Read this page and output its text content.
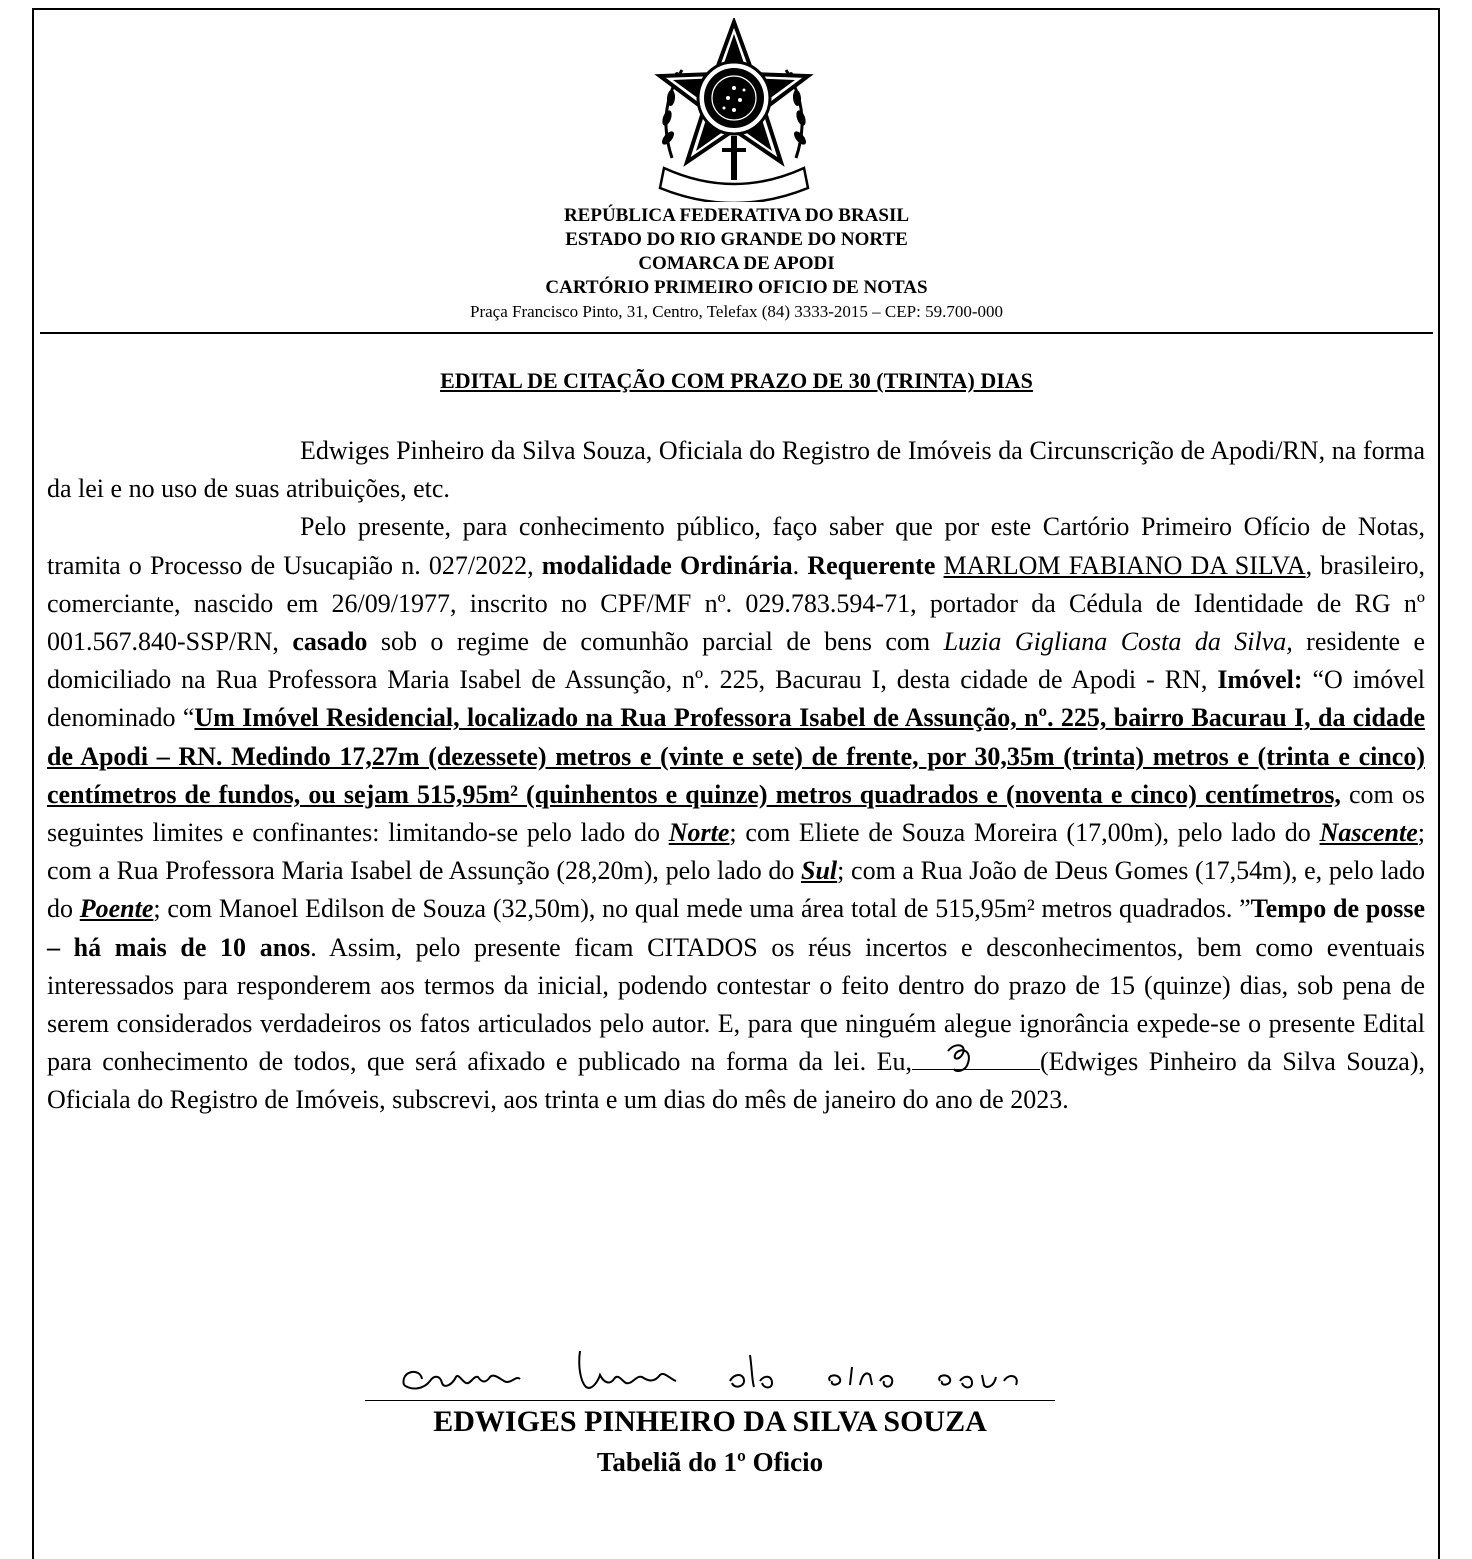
REPÚBLICA FEDERATIVA DO BRASIL
ESTADO DO RIO GRANDE DO NORTE
COMARCA DE APODI
CARTÓRIO PRIMEIRO OFICIO DE NOTAS
Praça Francisco Pinto, 31, Centro, Telefax (84) 3333-2015 – CEP: 59.700-000
EDITAL DE CITAÇÃO COM PRAZO DE 30 (TRINTA) DIAS

Edwiges Pinheiro da Silva Souza, Oficiala do Registro de Imóveis da Circunscrição de Apodi/RN, na forma da lei e no uso de suas atribuições, etc.

Pelo presente, para conhecimento público, faço saber que por este Cartório Primeiro Ofício de Notas, tramita o Processo de Usucapião n. 027/2022, modalidade Ordinária. Requerente MARLOM FABIANO DA SILVA, brasileiro, comerciante, nascido em 26/09/1977, inscrito no CPF/MF nº. 029.783.594-71, portador da Cédula de Identidade de RG nº 001.567.840-SSP/RN, casado sob o regime de comunhão parcial de bens com Luzia Gigliana Costa da Silva, residente e domiciliado na Rua Professora Maria Isabel de Assunção, nº. 225, Bacurau I, desta cidade de Apodi - RN, Imóvel: “O imóvel denominado “Um Imóvel Residencial, localizado na Rua Professora Isabel de Assunção, nº. 225, bairro Bacurau I, da cidade de Apodi – RN. Medindo 17,27m (dezessete) metros e (vinte e sete) de frente, por 30,35m (trinta) metros e (trinta e cinco) centímetros de fundos, ou sejam 515,95m² (quinhentos e quinze) metros quadrados e (noventa e cinco) centímetros, com os seguintes limites e confinantes: limitando-se pelo lado do Norte; com Eliete de Souza Moreira (17,00m), pelo lado do Nascente; com a Rua Professora Maria Isabel de Assunção (28,20m), pelo lado do Sul; com a Rua João de Deus Gomes (17,54m), e, pelo lado do Poente; com Manoel Edilson de Souza (32,50m), no qual mede uma área total de 515,95m² metros quadrados. ”Tempo de posse – há mais de 10 anos. Assim, pelo presente ficam CITADOS os réus incertos e desconhecimentos, bem como eventuais interessados para responderem aos termos da inicial, podendo contestar o feito dentro do prazo de 15 (quinze) dias, sob pena de serem considerados verdadeiros os fatos articulados pelo autor. E, para que ninguém alegue ignorância expede-se o presente Edital para conhecimento de todos, que será afixado e publicado na forma da lei. Eu,	(Edwiges Pinheiro da Silva Souza), Oficiala do Registro de Imóveis, subscrevi, aos trinta e um dias do mês de janeiro do ano de 2023.

EDWIGES PINHEIRO DA SILVA SOUZA
Tabeliã do 1º Oficio
